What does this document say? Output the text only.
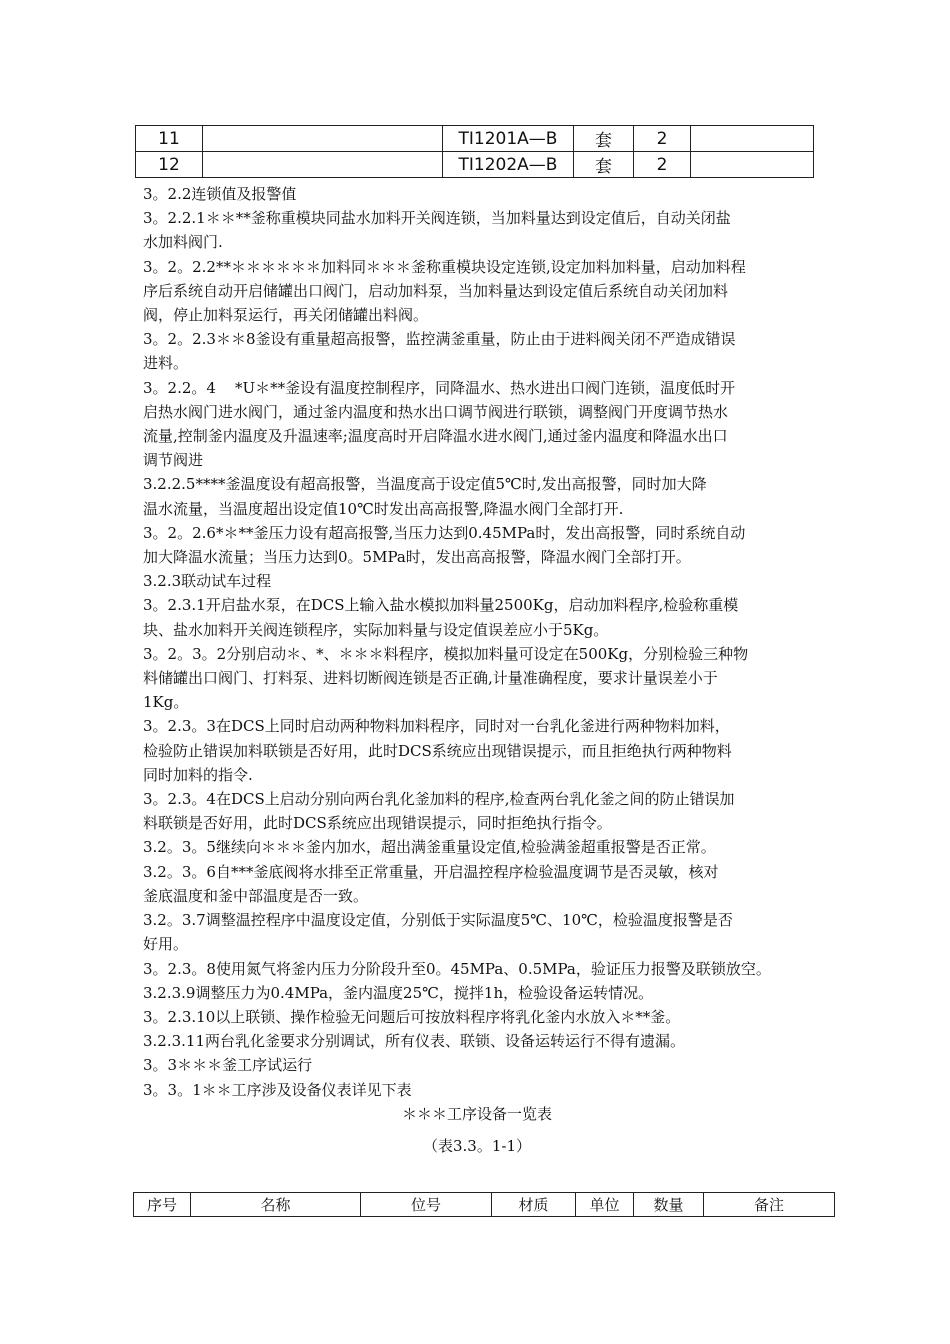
11		TI1201A—B	套	2	
12		TI1202A—B	套	2	

3。2.2连锁值及报警值

3。2.2.1＊＊**釜称重模块同盐水加料开关阀连锁，当加料量达到设定值后，自动关闭盐

水加料阀门.

3。2。2.2**＊＊＊＊＊＊加料同＊＊＊釜称重模块设定连锁,设定加料加料量，启动加料程

序后系统自动开启储罐出口阀门，启动加料泵，当加料量达到设定值后系统自动关闭加料

阀，停止加料泵运行，再关闭储罐出料阀。

3。2。2.3＊＊8釜设有重量超高报警，监控满釜重量，防止由于进料阀关闭不严造成错误

进料。

3。2.2。4    *U＊**釜设有温度控制程序，同降温水、热水进出口阀门连锁，温度低时开

启热水阀门进水阀门，通过釜内温度和热水出口调节阀进行联锁，调整阀门开度调节热水

流量,控制釜内温度及升温速率;温度高时开启降温水进水阀门,通过釜内温度和降温水出口

调节阀进

3.2.2.5****釜温度设有超高报警，当温度高于设定值5℃时,发出高报警，同时加大降

温水流量，当温度超出设定值10℃时发出高高报警,降温水阀门全部打开.

3。2。2.6*＊**釜压力设有超高报警,当压力达到0.45MPa时，发出高报警，同时系统自动

加大降温水流量；当压力达到0。5MPa时，发出高高报警，降温水阀门全部打开。

3.2.3联动试车过程

3。2.3.1开启盐水泵，在DCS上输入盐水模拟加料量2500Kg，启动加料程序,检验称重模

块、盐水加料开关阀连锁程序，实际加料量与设定值误差应小于5Kg。

3。2。3。2分别启动＊、*、＊＊＊料程序，模拟加料量可设定在500Kg，分别检验三种物

料储罐出口阀门、打料泵、进料切断阀连锁是否正确,计量准确程度，要求计量误差小于

1Kg。

3。2.3。3在DCS上同时启动两种物料加料程序，同时对一台乳化釜进行两种物料加料，

检验防止错误加料联锁是否好用，此时DCS系统应出现错误提示，而且拒绝执行两种物料

同时加料的指令.

3。2.3。4在DCS上启动分别向两台乳化釜加料的程序,检查两台乳化釜之间的防止错误加

料联锁是否好用，此时DCS系统应出现错误提示，同时拒绝执行指令。

3.2。3。5继续向＊＊＊釜内加水，超出满釜重量设定值,检验满釜超重报警是否正常。

3.2。3。6自***釜底阀将水排至正常重量，开启温控程序检验温度调节是否灵敏，核对

釜底温度和釜中部温度是否一致。

3.2。3.7调整温控程序中温度设定值，分别低于实际温度5℃、10℃，检验温度报警是否

好用。

3。2.3。8使用氮气将釜内压力分阶段升至0。45MPa、0.5MPa，验证压力报警及联锁放空。

3.2.3.9调整压力为0.4MPa，釜内温度25℃，搅拌1h，检验设备运转情况。

3。2.3.10以上联锁、操作检验无问题后可按放料程序将乳化釜内水放入＊**釜。

3.2.3.11两台乳化釜要求分别调试，所有仪表、联锁、设备运转运行不得有遗漏。

3。3＊＊＊釜工序试运行

3。3。1＊＊工序涉及设备仪表详见下表

＊＊＊工序设备一览表

（表3.3。1-1）

序号	名称	位号	材质	单位	数量	备注
